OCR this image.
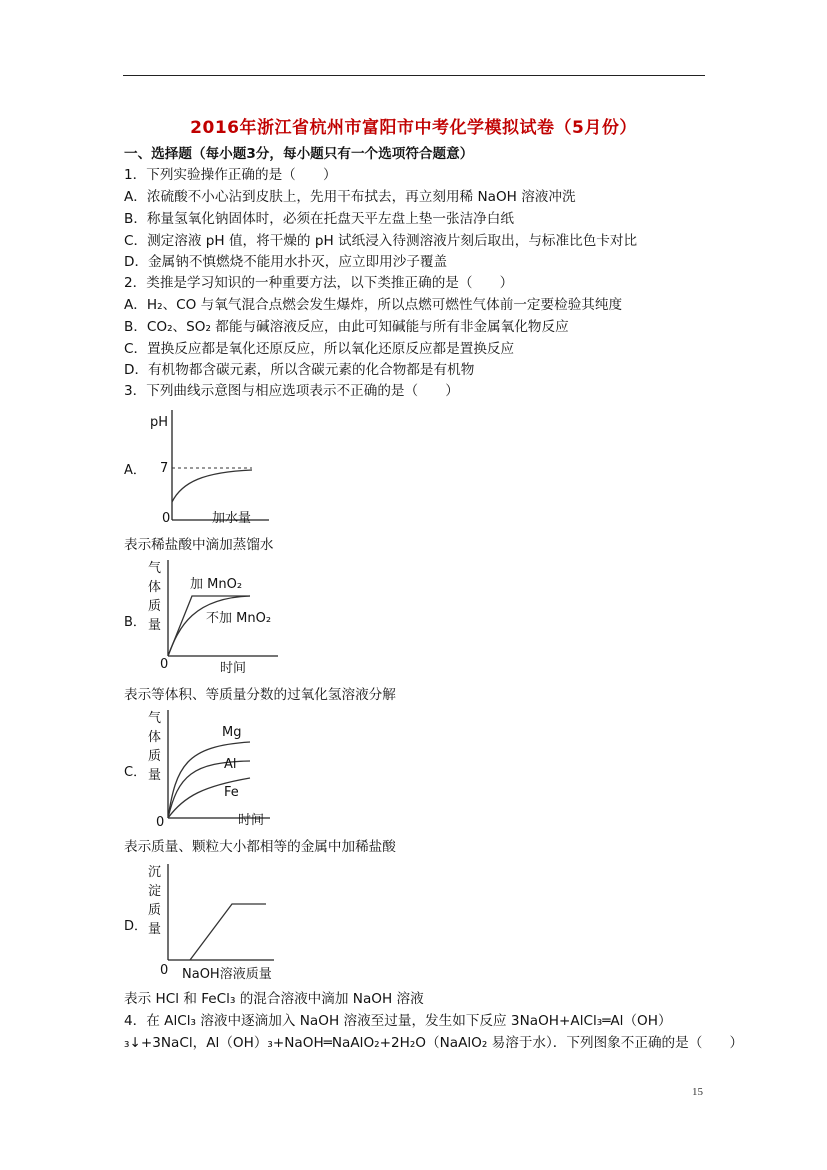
2016年浙江省杭州市富阳市中考化学模拟试卷（5月份）
一、选择题（每小题3分，每小题只有一个选项符合题意）
1．下列实验操作正确的是（　　）
A．浓硫酸不小心沾到皮肤上，先用干布拭去，再立刻用稀 NaOH 溶液冲洗
B．称量氢氧化钠固体时，必须在托盘天平左盘上垫一张洁净白纸
C．测定溶液 pH 值，将干燥的 pH 试纸浸入待测溶液片刻后取出，与标准比色卡对比
D．金属钠不慎燃烧不能用水扑灭，应立即用沙子覆盖
2．类推是学习知识的一种重要方法，以下类推正确的是（　　）
A．H₂、CO 与氧气混合点燃会发生爆炸，所以点燃可燃性气体前一定要检验其纯度
B．CO₂、SO₂ 都能与碱溶液反应，由此可知碱能与所有非金属氧化物反应
C．置换反应都是氧化还原反应，所以氧化还原反应都是置换反应
D．有机物都含碳元素，所以含碳元素的化合物都是有机物
3．下列曲线示意图与相应选项表示不正确的是（　　）
A．
pH
7
0	加水量
表示稀盐酸中滴加蒸馏水
B．
气
体
质
量
加 MnO₂
不加 MnO₂
0	时间
表示等体积、等质量分数的过氧化氢溶液分解
C．
气
体
质
量
Mg
Al
Fe
0	时间
表示质量、颗粒大小都相等的金属中加稀盐酸
D．
沉
淀
质
量
0 NaOH溶液质量
表示 HCl 和 FeCl₃ 的混合溶液中滴加 NaOH 溶液
4．在 AlCl₃ 溶液中逐滴加入 NaOH 溶液至过量，发生如下反应 3NaOH+AlCl₃═Al（OH）
₃↓+3NaCl，Al（OH）₃+NaOH═NaAlO₂+2H₂O（NaAlO₂ 易溶于水）．下列图象不正确的是（　　）
15
